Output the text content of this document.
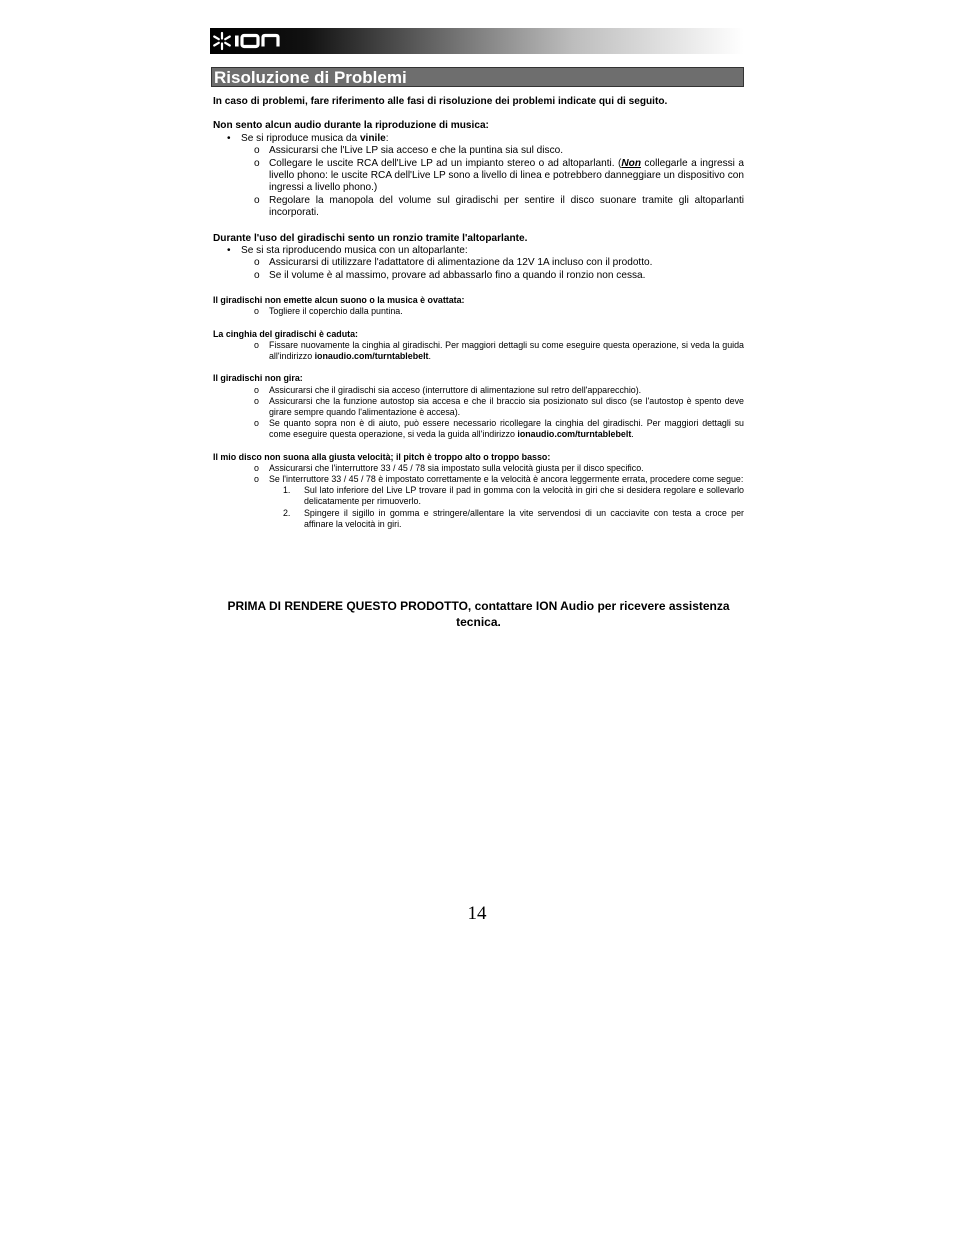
Risoluzione di Problemi

In caso di problemi, fare riferimento alle fasi di risoluzione dei problemi indicate qui di seguito.

Non sento alcun audio durante la riproduzione di musica:

• Se si riproduce musica da vinile:

o Assicurarsi che l'Live LP sia acceso e che la puntina sia sul disco.

o Collegare le uscite RCA dell'Live LP ad un impianto stereo o ad altoparlanti. (Non collegarle a ingressi a livello phono: le uscite RCA dell'Live LP sono a livello di linea e potrebbero danneggiare un dispositivo con ingressi a livello phono.)

o Regolare la manopola del volume sul giradischi per sentire il disco suonare tramite gli altoparlanti incorporati.

Durante l'uso del giradischi sento un ronzio tramite l'altoparlante.

• Se si sta riproducendo musica con un altoparlante:

o Assicurarsi di utilizzare l'adattatore di alimentazione da 12V 1A incluso con il prodotto.

o Se il volume è al massimo, provare ad abbassarlo fino a quando il ronzio non cessa.

Il giradischi non emette alcun suono o la musica è ovattata:

o Togliere il coperchio dalla puntina.

La cinghia del giradischi è caduta:

o Fissare nuovamente la cinghia al giradischi. Per maggiori dettagli su come eseguire questa operazione, si veda la guida all'indirizzo ionaudio.com/turntablebelt.

Il giradischi non gira:

o Assicurarsi che il giradischi sia acceso (interruttore di alimentazione sul retro dell'apparecchio).

o Assicurarsi che la funzione autostop sia accesa e che il braccio sia posizionato sul disco (se l'autostop è spento deve girare sempre quando l'alimentazione è accesa).

o Se quanto sopra non è di aiuto, può essere necessario ricollegare la cinghia del giradischi. Per maggiori dettagli su come eseguire questa operazione, si veda la guida all'indirizzo ionaudio.com/turntablebelt.

Il mio disco non suona alla giusta velocità; il pitch è troppo alto o troppo basso:

o Assicurarsi che l'interruttore 33 / 45 / 78 sia impostato sulla velocità giusta per il disco specifico.

o Se l'interruttore 33 / 45 / 78 è impostato correttamente e la velocità è ancora leggermente errata, procedere come segue:

1. Sul lato inferiore del Live LP trovare il pad in gomma con la velocità in giri che si desidera regolare e sollevarlo delicatamente per rimuoverlo.

2. Spingere il sigillo in gomma e stringere/allentare la vite servendosi di un cacciavite con testa a croce per affinare la velocità in giri.

PRIMA DI RENDERE QUESTO PRODOTTO, contattare ION Audio per ricevere assistenza tecnica.

14
